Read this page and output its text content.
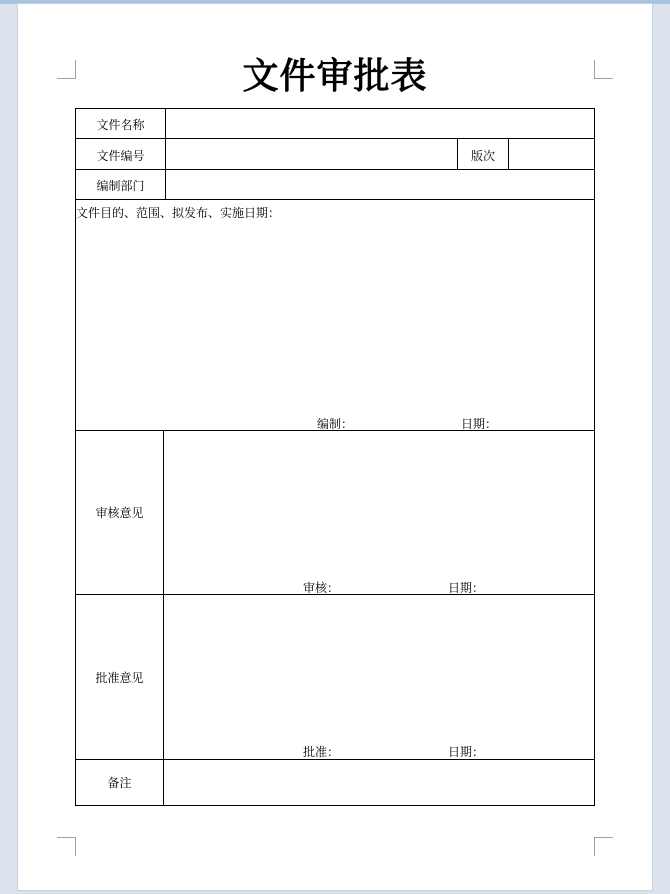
文件审批表
文件名称
文件编号	版次
编制部门
文件目的、范围、拟发布、实施日期：
编制：	日期：
审核意见
审核：	日期：
批准意见
批准：	日期：
备注
